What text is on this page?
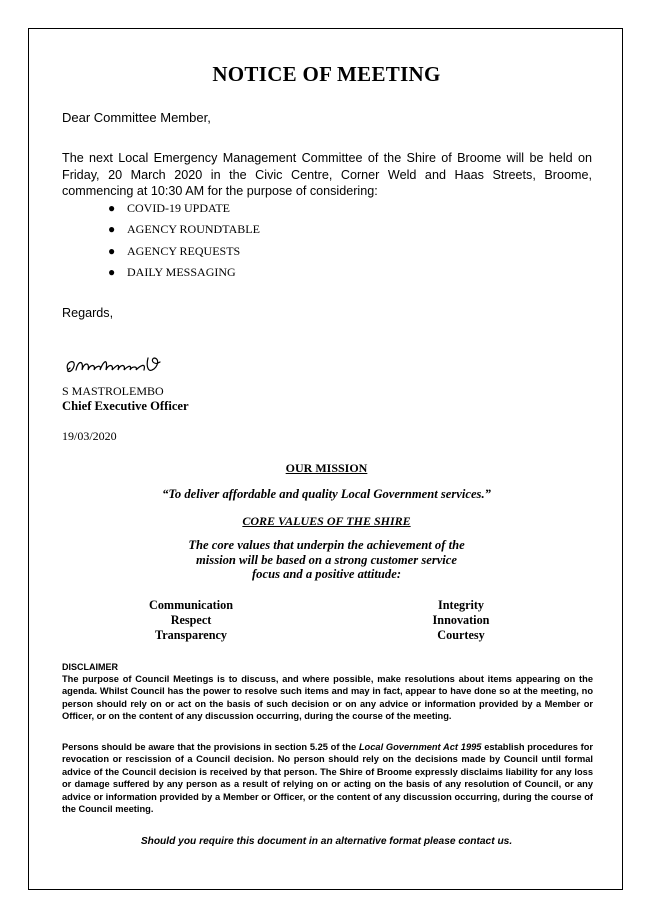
NOTICE OF MEETING
Dear Committee Member,
The next Local Emergency Management Committee of the Shire of Broome will be held on Friday, 20 March 2020 in the Civic Centre, Corner Weld and Haas Streets, Broome, commencing at 10:30 AM for the purpose of considering:
● COVID-19 UPDATE
● AGENCY ROUNDTABLE
● AGENCY REQUESTS
● DAILY MESSAGING
Regards,
S MASTROLEMBO
Chief Executive Officer
19/03/2020
OUR MISSION
“To deliver affordable and quality Local Government services.”
CORE VALUES OF THE SHIRE
The core values that underpin the achievement of the
mission will be based on a strong customer service
focus and a positive attitude:
Communication
Respect
Transparency
Integrity
Innovation
Courtesy
DISCLAIMER
The purpose of Council Meetings is to discuss, and where possible, make resolutions about items appearing on the agenda. Whilst Council has the power to resolve such items and may in fact, appear to have done so at the meeting, no person should rely on or act on the basis of such decision or on any advice or information provided by a Member or Officer, or on the content of any discussion occurring, during the course of the meeting.
Persons should be aware that the provisions in section 5.25 of the Local Government Act 1995 establish procedures for revocation or rescission of a Council decision. No person should rely on the decisions made by Council until formal advice of the Council decision is received by that person. The Shire of Broome expressly disclaims liability for any loss or damage suffered by any person as a result of relying on or acting on the basis of any resolution of Council, or any advice or information provided by a Member or Officer, or the content of any discussion occurring, during the course of the Council meeting.
Should you require this document in an alternative format please contact us.
